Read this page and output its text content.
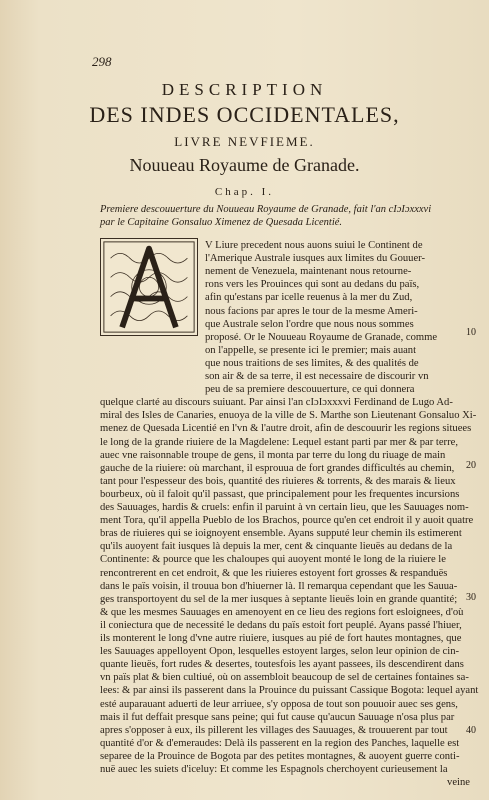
298
DESCRIPTION
DES INDES OCCIDENTALES,
LIVRE NEVFIEME.
Nouueau Royaume de Granade.
Chap. I.
Premiere descouuerture du Nouueau Royaume de Granade, fait l'an cIɔIɔxxxvi
par le Capitaine Gonsaluo Ximenez de Quesada Licentié.
V Liure precedent nous auons suiui le Continent de
l'Amerique Australe iusques aux limites du Gouuer-
nement de Venezuela, maintenant nous retourne-
rons vers les Prouinces qui sont au dedans du païs,
afin qu'estans par icelle reuenus à la mer du Zud,
nous facions par apres le tour de la mesme Ameri-
que Australe selon l'ordre que nous nous sommes
proposé. Or le Nouueau Royaume de Granade, comme
on l'appelle, se presente ici le premier; mais auant
que nous traitions de ses limites, & des qualités de
son air & de sa terre, il est necessaire de discourir vn
peu de sa premiere descouuerture, ce qui donnera
quelque clarté au discours suiuant. Par ainsi l'an cIɔIɔxxxvi Ferdinand de Lugo Ad-
miral des Isles de Canaries, enuoya de la ville de S. Marthe son Lieutenant Gonsaluo Xi-
menez de Quesada Licentié en l'vn & l'autre droit, afin de descouurir les regions situees
le long de la grande riuiere de la Magdelene: Lequel estant parti par mer & par terre,
auec vne raisonnable troupe de gens, il monta par terre du long du riuage de main
gauche de la riuiere: où marchant, il esprouua de fort grandes difficultés au chemin,
tant pour l'espesseur des bois, quantité des riuieres & torrents, & des marais & lieux
bourbeux, où il faloit qu'il passast, que principalement pour les frequentes incursions
des Sauuages, hardis & cruels: enfin il paruint à vn certain lieu, que les Sauuages nom-
ment Tora, qu'il appella Pueblo de los Brachos, pource qu'en cet endroit il y auoit quatre
bras de riuieres qui se ioignoyent ensemble. Ayans supputé leur chemin ils estimerent
qu'ils auoyent fait iusques là depuis la mer, cent & cinquante lieuës au dedans de la
Continente: & pource que les chaloupes qui auoyent monté le long de la riuiere le
rencontrerent en cet endroit, & que les riuieres estoyent fort grosses & respanduës
dans le païs voisin, il trouua bon d'hiuerner là. Il remarqua cependant que les Sauua-
ges transportoyent du sel de la mer iusques à septante lieuës loin en grande quantité;
& que les mesmes Sauuages en amenoyent en ce lieu des regions fort esloignees, d'où
il coniectura que de necessité le dedans du païs estoit fort peuplé. Ayans passé l'hiuer,
ils monterent le long d'vne autre riuiere, iusques au pié de fort hautes montagnes, que
les Sauuages appelloyent Opon, lesquelles estoyent larges, selon leur opinion de cin-
quante lieuës, fort rudes & desertes, toutesfois les ayant passees, ils descendirent dans
vn païs plat & bien cultiué, où on assembloit beaucoup de sel de certaines fontaines sa-
lees: & par ainsi ils passerent dans la Prouince du puissant Cassique Bogota: lequel ayant
esté auparauant aduerti de leur arriuee, s'y opposa de tout son pouuoir auec ses gens,
mais il fut deffait presque sans peine; qui fut cause qu'aucun Sauuage n'osa plus par
apres s'opposer à eux, ils pillerent les villages des Sauuages, & trouuerent par tout
quantité d'or & d'emeraudes: Delà ils passerent en la region des Panches, laquelle est
separee de la Prouince de Bogota par des petites montagnes, & auoyent guerre conti-
nuë auec les suiets d'iceluy: Et comme les Espagnols cherchoyent curieusement la
veine
10
20
30
40
